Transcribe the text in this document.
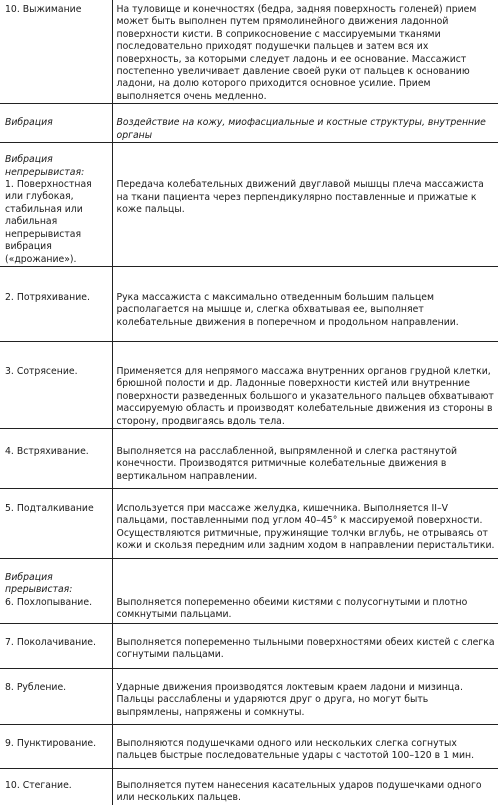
10. Выжимание	На туловище и конечностях (бедра, задняя поверхность голеней) прием может быть выполнен путем прямолинейного движения ладонной поверхности кисти. В соприкосновение с массируемыми тканями последовательно приходят подушечки пальцев и затем вся их поверхность, за которыми следует ладонь и ее основание. Массажист постепенно увеличивает давление своей руки от пальцев к основанию ладони, на долю которого приходится основное усилие. Прием выполняется очень медленно.
Вибрация	Воздействие на кожу, миофасциальные и костные структуры, внутренние органы

Вибрация непрерывистая:
1. Поверхностная или глубокая, стабильная или лабильная непрерывистая вибрация («дрожание»).	Передача колебательных движений двуглавой мышцы плеча массажиста на ткани пациента через перпендикулярно поставленные и прижатые к коже пальцы.
2. Потряхивание.	Рука массажиста с максимально отведенным большим пальцем располагается на мышце и, слегка обхватывая ее, выполняет колебательные движения в поперечном и продольном направлении.
3. Сотрясение.	Применяется для непрямого массажа внутренних органов грудной клетки, брюшной полости и др. Ладонные поверхности кистей или внутренние поверхности разведенных большого и указательного пальцев обхватывают массируемую область и производят колебательные движения из стороны в сторону, продвигаясь вдоль тела.
4. Встряхивание.	Выполняется на расслабленной, выпрямленной и слегка растянутой конечности. Производятся ритмичные колебательные движения в вертикальном направлении.
5. Подталкивание	Используется при массаже желудка, кишечника. Выполняется II–V пальцами, поставленными под углом 40–45° к массируемой поверхности. Осуществляются ритмичные, пружинящие толчки вглубь, не отрываясь от кожи и скользя передним или задним ходом в направлении перистальтики.

Вибрация прерывистая:
6. Похлопывание.	Выполняется попеременно обеими кистями с полусогнутыми и плотно сомкнутыми пальцами.
7. Поколачивание.	Выполняется попеременно тыльными поверхностями обеих кистей с слегка согнутыми пальцами.
8. Рубление.	Ударные движения производятся локтевым краем ладони и мизинца. Пальцы расслаблены и ударяются друг о друга, но могут быть выпрямлены, напряжены и сомкнуты.
9. Пунктирование.	Выполняются подушечками одного или нескольких слегка согнутых пальцев быстрые последовательные удары с частотой 100–120 в 1 мин.
10. Стегание.	Выполняется путем нанесения касательных ударов подушечками одного или нескольких пальцев.
